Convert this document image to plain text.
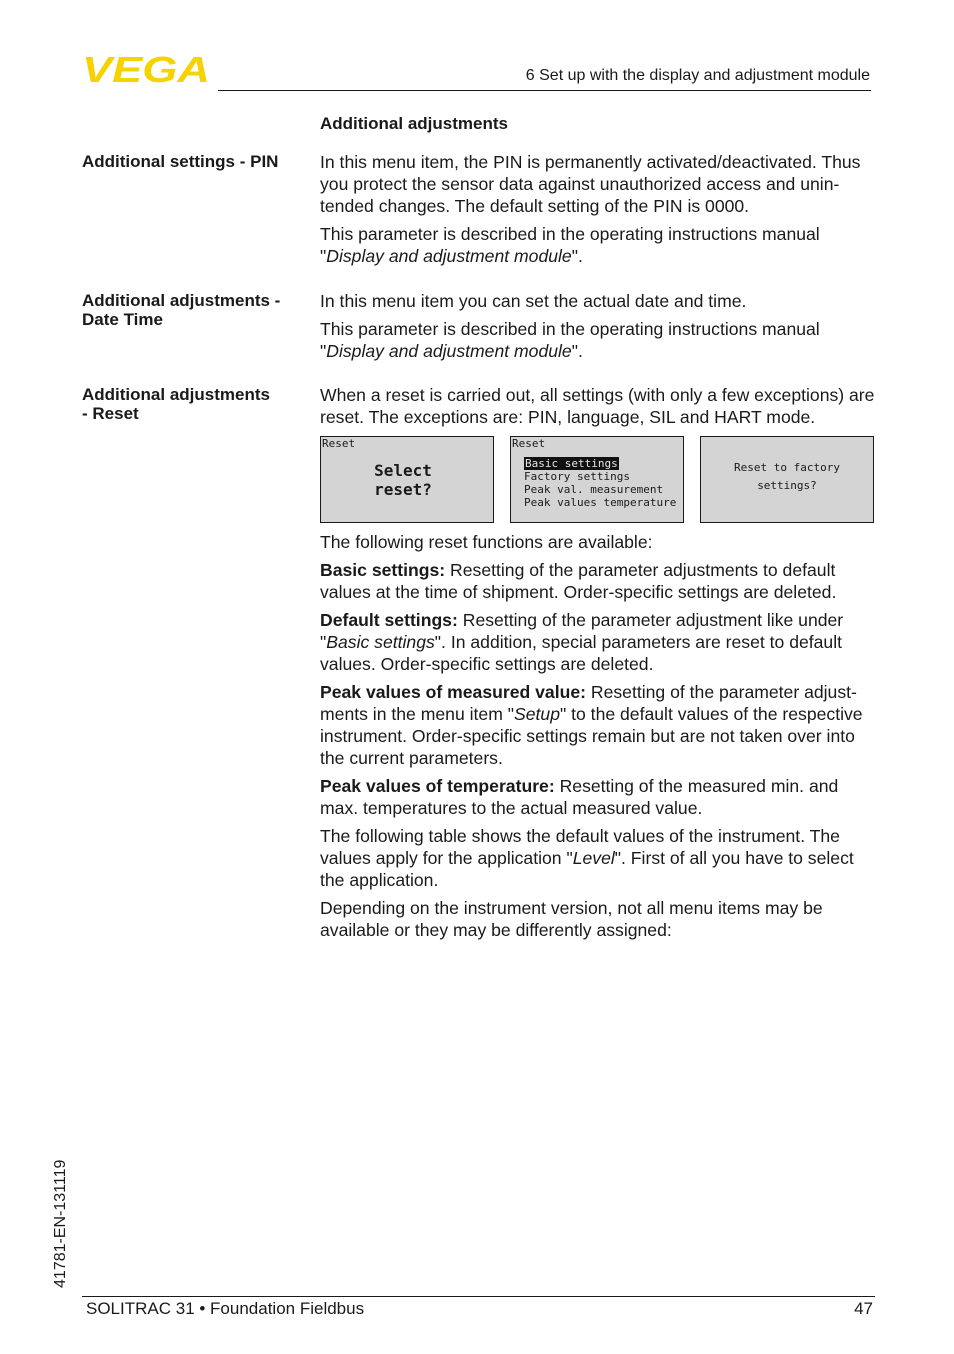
VEGA	6 Set up with the display and adjustment module
Additional adjustments
Additional settings - PIN	In this menu item, the PIN is permanently activated/deactivated. Thus you protect the sensor data against unauthorized access and unin-tended changes. The default setting of the PIN is 0000.

This parameter is described in the operating instructions manual "Display and adjustment module".

Additional adjustments -
Date Time

In this menu item you can set the actual date and time.

This parameter is described in the operating instructions manual "Display and adjustment module".

Additional adjustments
- Reset

When a reset is carried out, all settings (with only a few exceptions) are reset. The exceptions are: PIN, language, SIL and HART mode.

Reset
Select
reset?
Reset
Basic settings
Factory settings
Peak val. measurement
Peak values temperature
Reset to factory
settings?

The following reset functions are available:

Basic settings: Resetting of the parameter adjustments to default values at the time of shipment. Order-specific settings are deleted.

Default settings: Resetting of the parameter adjustment like under "Basic settings". In addition, special parameters are reset to default values. Order-specific settings are deleted.

Peak values of measured value: Resetting of the parameter adjust-ments in the menu item "Setup" to the default values of the respective instrument. Order-specific settings remain but are not taken over into the current parameters.

Peak values of temperature: Resetting of the measured min. and max. temperatures to the actual measured value.

The following table shows the default values of the instrument. The values apply for the application "Level". First of all you have to select the application.

Depending on the instrument version, not all menu items may be available or they may be differently assigned:

41781-EN-131119
SOLITRAC 31 • Foundation Fieldbus	47
